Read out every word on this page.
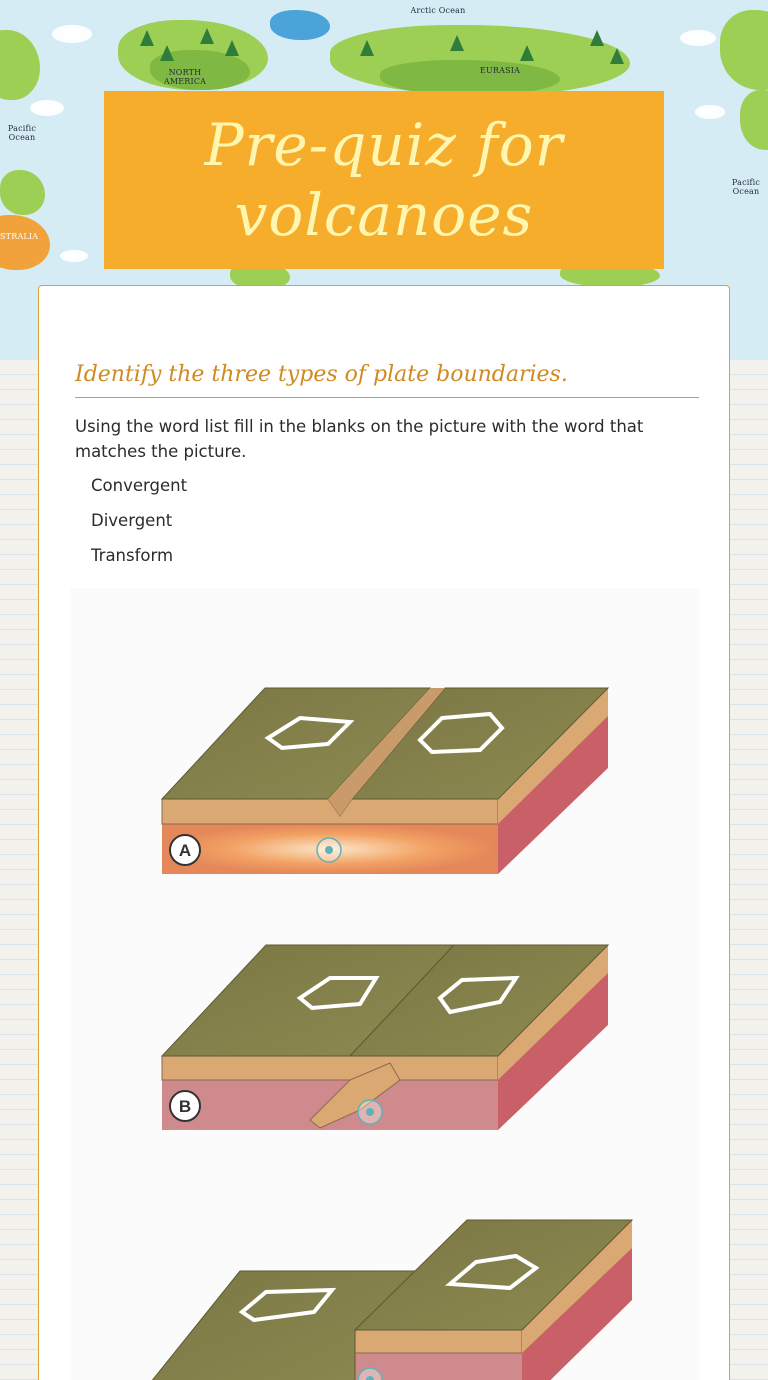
Arctic Ocean
NORTH AMERICA
EURASIA
Pacific Ocean
Pacific Ocean
STRALIA
Pre-quiz for volcanoes
Identify the three types of plate boundaries.
Using the word list fill in the blanks on the picture with the word that matches the picture.
Convergent
Divergent
Transform
A
B
